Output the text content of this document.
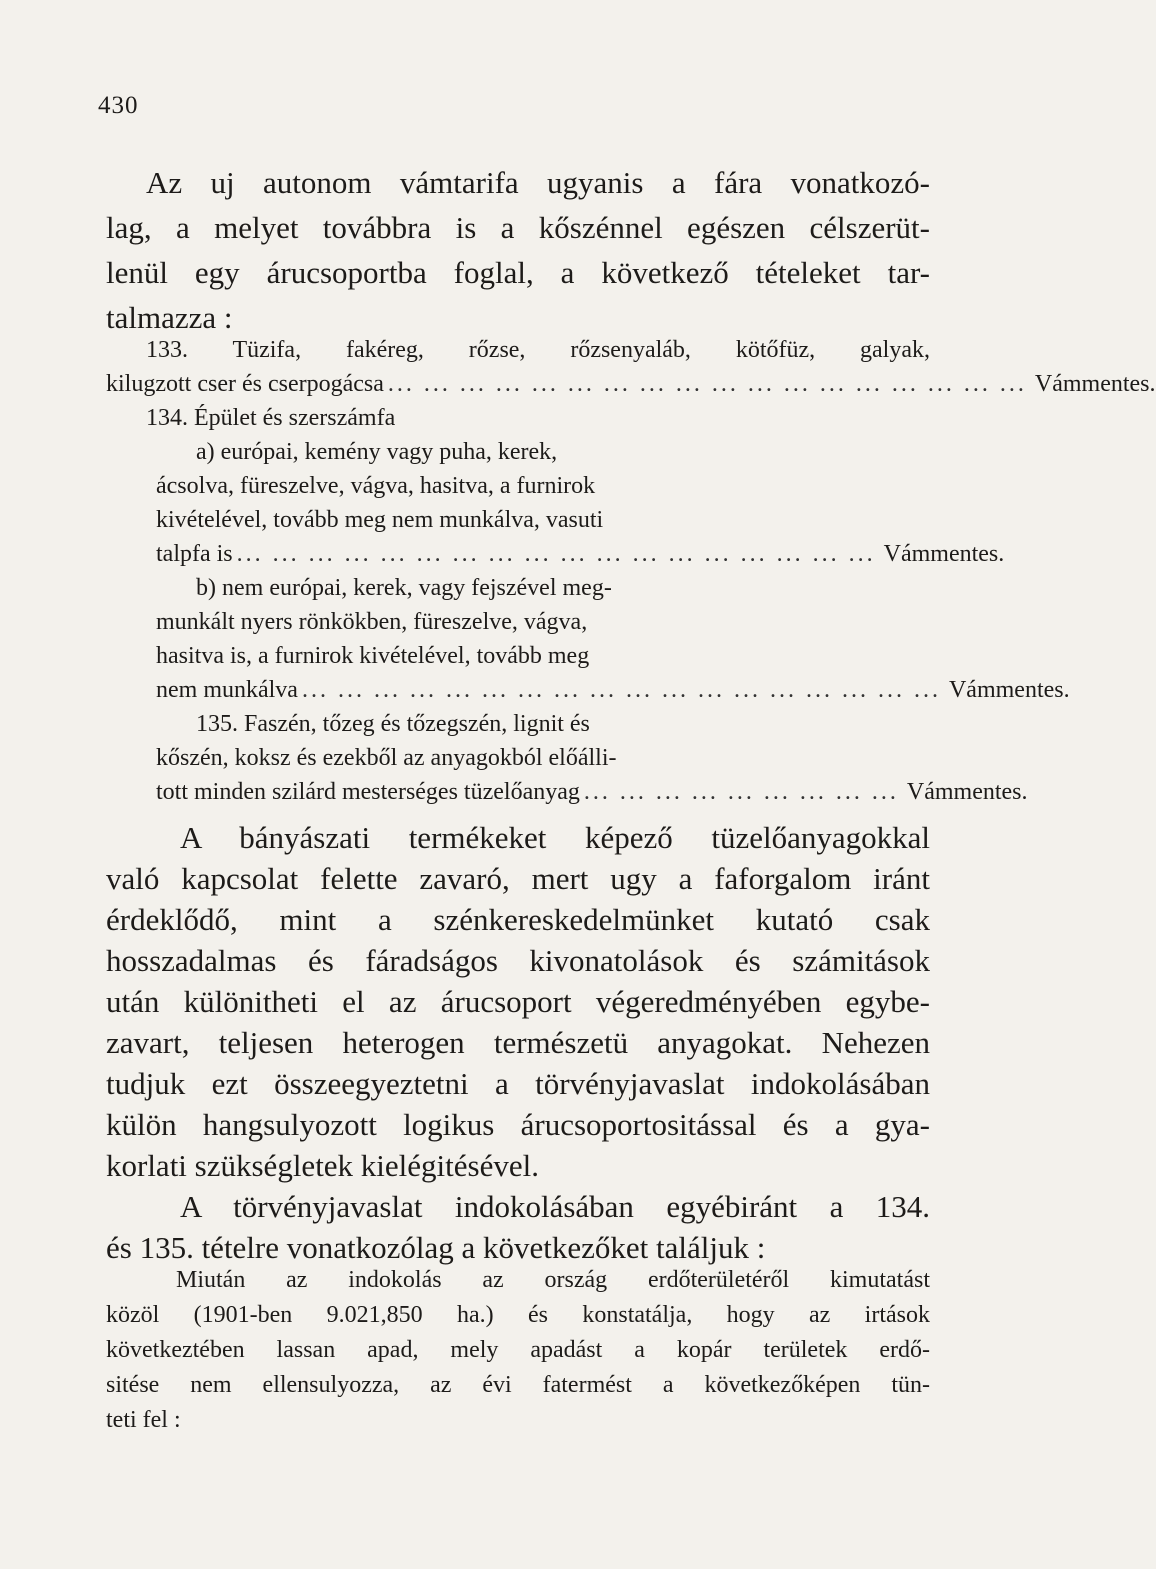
430
Az uj autonom vámtarifa ugyanis a fára vonatkozó-
lag, a melyet továbbra is a kőszénnel egészen célszerüt-
lenül egy árucsoportba foglal, a következő tételeket tar-
talmazza :
133. Tüzifa, fakéreg, rőzse, rőzsenyaláb, kötőfüz, galyak,
kilugzott cser és cserpogácsa ... ... ... ... ... ... ... ... ... ... ... ... ... ... ... ... ... ... Vámmentes.
134. Épület és szerszámfa
a) európai, kemény vagy puha, kerek,
ácsolva, füreszelve, vágva, hasitva, a furnirok
kivételével, tovább meg nem munkálva, vasuti
talpfa is ... ... ... ... ... ... ... ... ... ... ... ... ... ... ... ... ... ... Vámmentes.
b) nem európai, kerek, vagy fejszével meg-
munkált nyers rönkökben, füreszelve, vágva,
hasitva is, a furnirok kivételével, tovább meg
nem munkálva ... ... ... ... ... ... ... ... ... ... ... ... ... ... ... ... ... ... Vámmentes.
135. Faszén, tőzeg és tőzegszén, lignit és
kőszén, koksz és ezekből az anyagokból előálli-
tott minden szilárd mesterséges tüzelőanyag ... ... ... ... ... ... ... ... ... Vámmentes.
A bányászati termékeket képező tüzelőanyagokkal
való kapcsolat felette zavaró, mert ugy a faforgalom iránt
érdeklődő, mint a szénkereskedelmünket kutató csak
hosszadalmas és fáradságos kivonatolások és számitások
után különitheti el az árucsoport végeredményében egybe-
zavart, teljesen heterogen természetü anyagokat. Nehezen
tudjuk ezt összeegyeztetni a törvényjavaslat indokolásában
külön hangsulyozott logikus árucsoportositással és a gya-
korlati szükségletek kielégitésével.
A törvényjavaslat indokolásában egyébiránt a 134.
és 135. tételre vonatkozólag a következőket találjuk :
Miután az indokolás az ország erdőterületéről kimutatást
közöl (1901-ben 9.021,850 ha.) és konstatálja, hogy az irtások
következtében lassan apad, mely apadást a kopár területek erdő-
sitése nem ellensulyozza, az évi fatermést a következőképen tün-
teti fel :
